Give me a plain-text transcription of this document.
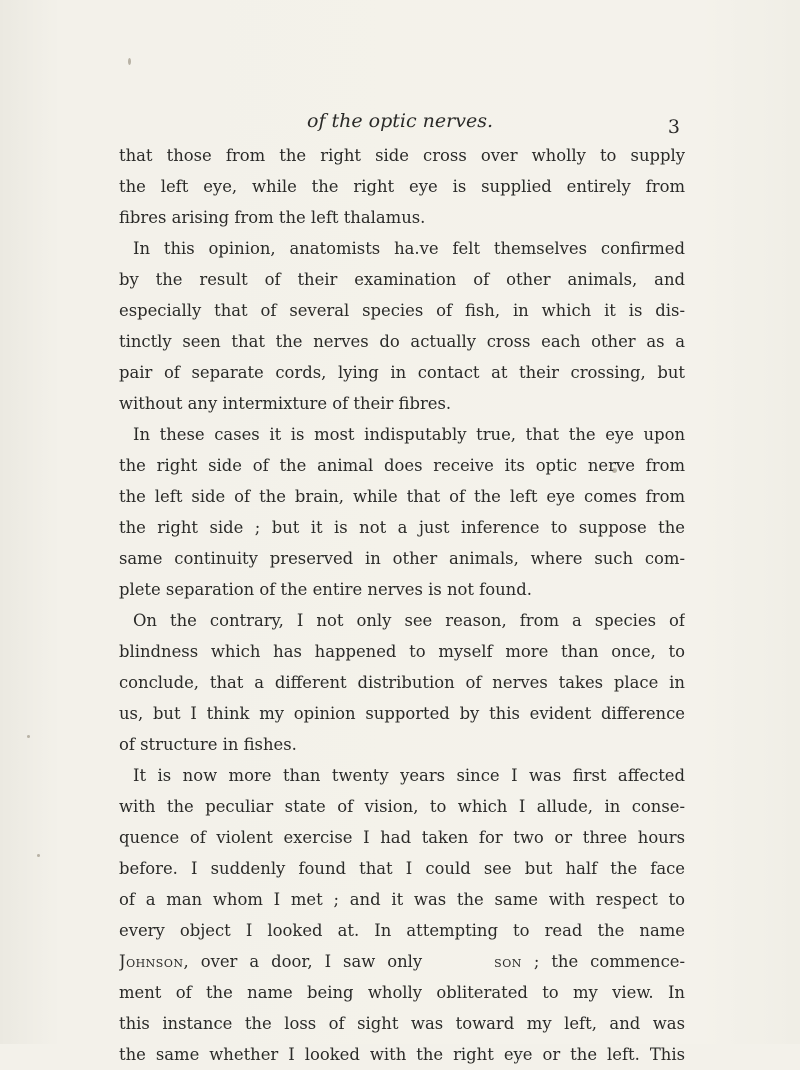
of the optic nerves.	3
that those from the right side cross over wholly to supply
the left eye, while the right eye is supplied entirely from
fibres arising from the left thalamus.
In this opinion, anatomists ha.ve felt themselves confirmed
by the result of their examination of other animals, and
especially that of several species of fish, in which it is dis-
tinctly seen that the nerves do actually cross each other as a
pair of separate cords, lying in contact at their crossing, but
without any intermixture of their fibres.
In these cases it is most indisputably true, that the eye upon
the right side of the animal does receive its optic nerve from
the left side of the brain, while that of the left eye comes from
the right side ; but it is not a just inference to suppose the
same continuity preserved in other animals, where such com-
plete separation of the entire nerves is not found.
On the contrary, I not only see reason, from a species of
blindness which has happened to myself more than once, to
conclude, that a different distribution of nerves takes place in
us, but I think my opinion supported by this evident difference
of structure in fishes.
It is now more than twenty years since I was first affected
with the peculiar state of vision, to which I allude, in conse-
quence of violent exercise I had taken for two or three hours
before. I suddenly found that I could see but half the face
of a man whom I met ; and it was the same with respect to
every object I looked at. In attempting to read the name
Johnson, over a door, I saw only	son ; the commence-
ment of the name being wholly obliterated to my view. In
this instance the loss of sight was toward my left, and was
the same whether I looked with the right eye or the left. This
